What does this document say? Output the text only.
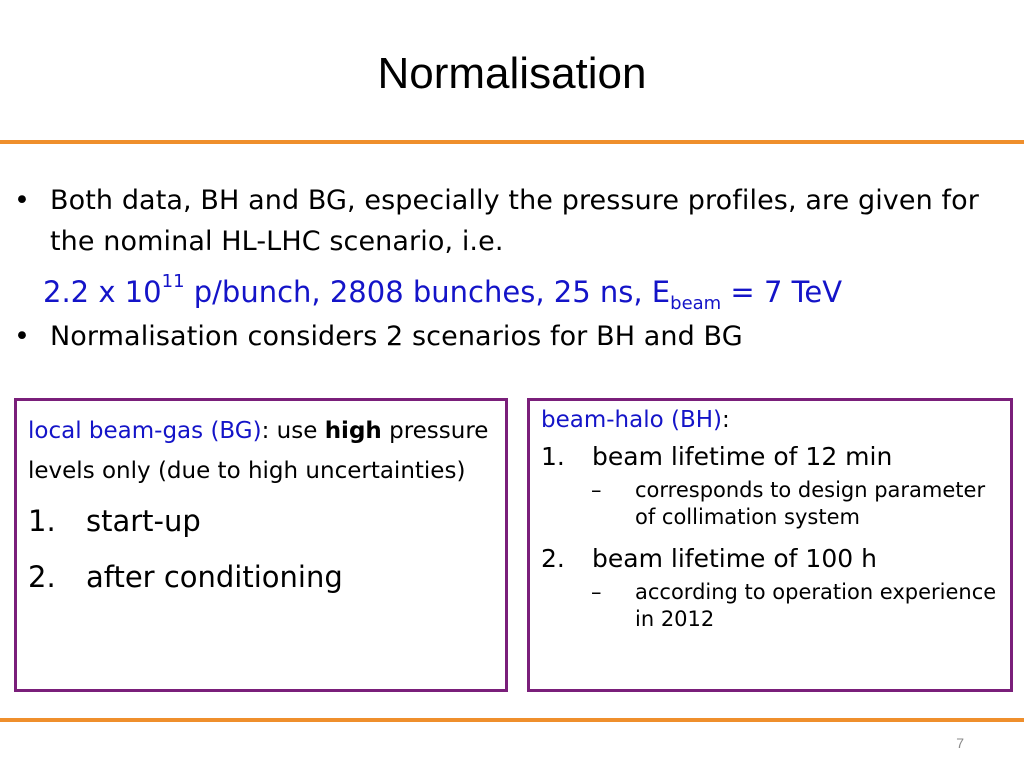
Normalisation
• Both data, BH and BG, especially the pressure profiles, are given for the nominal HL-LHC scenario, i.e.
2.2 x $10^{11}$ p/bunch, 2808 bunches, 25 ns, $E_{beam} = 7$ TeV
• Normalisation considers 2 scenarios for BH and BG
local beam-gas (BG): use high pressure levels only (due to high uncertainties)
1. start-up
2. after conditioning
beam-halo (BH):
1. beam lifetime of 12 min
– corresponds to design parameter of collimation system
2. beam lifetime of 100 h
– according to operation experience in 2012
7
